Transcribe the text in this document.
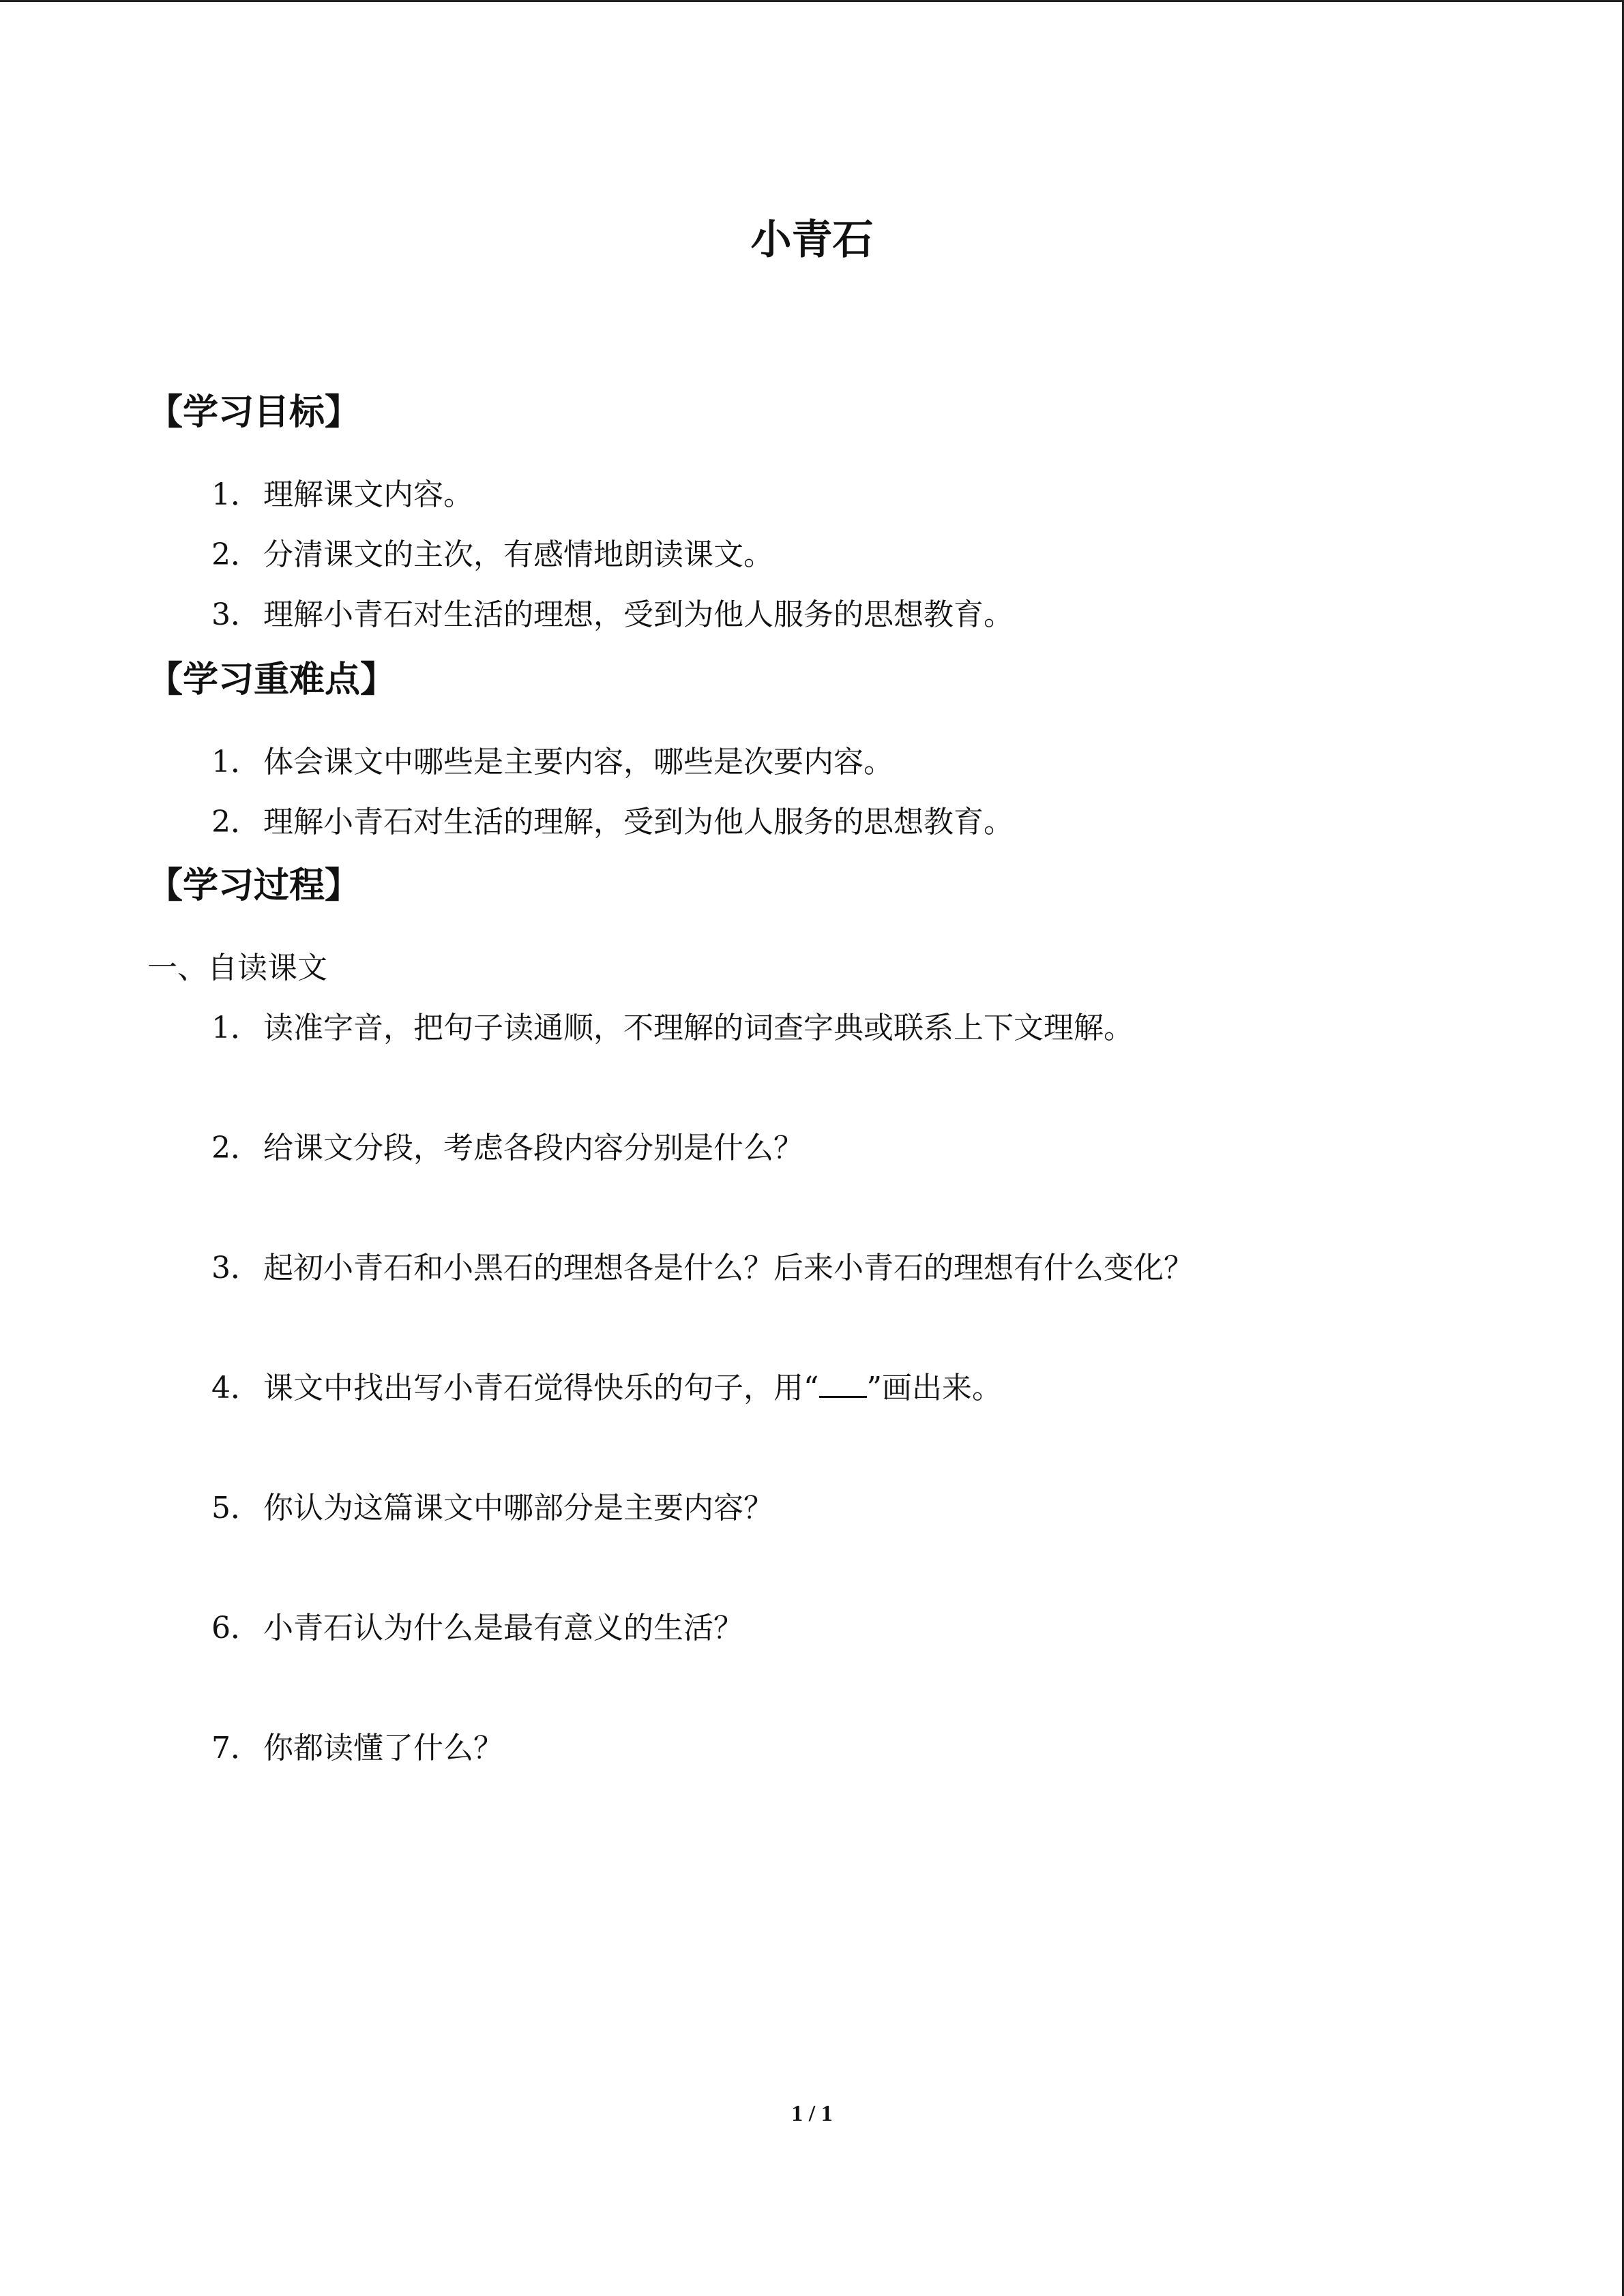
小青石
【学习目标】
1．理解课文内容。
2．分清课文的主次，有感情地朗读课文。
3．理解小青石对生活的理想，受到为他人服务的思想教育。
【学习重难点】
1．体会课文中哪些是主要内容，哪些是次要内容。
2．理解小青石对生活的理解，受到为他人服务的思想教育。
【学习过程】
一、自读课文
1．读准字音，把句子读通顺，不理解的词查字典或联系上下文理解。
2．给课文分段，考虑各段内容分别是什么？
3．起初小青石和小黑石的理想各是什么？后来小青石的理想有什么变化？
4．课文中找出写小青石觉得快乐的句子，用“ ”画出来。
5．你认为这篇课文中哪部分是主要内容？
6．小青石认为什么是最有意义的生活？
7．你都读懂了什么？
1 / 1
